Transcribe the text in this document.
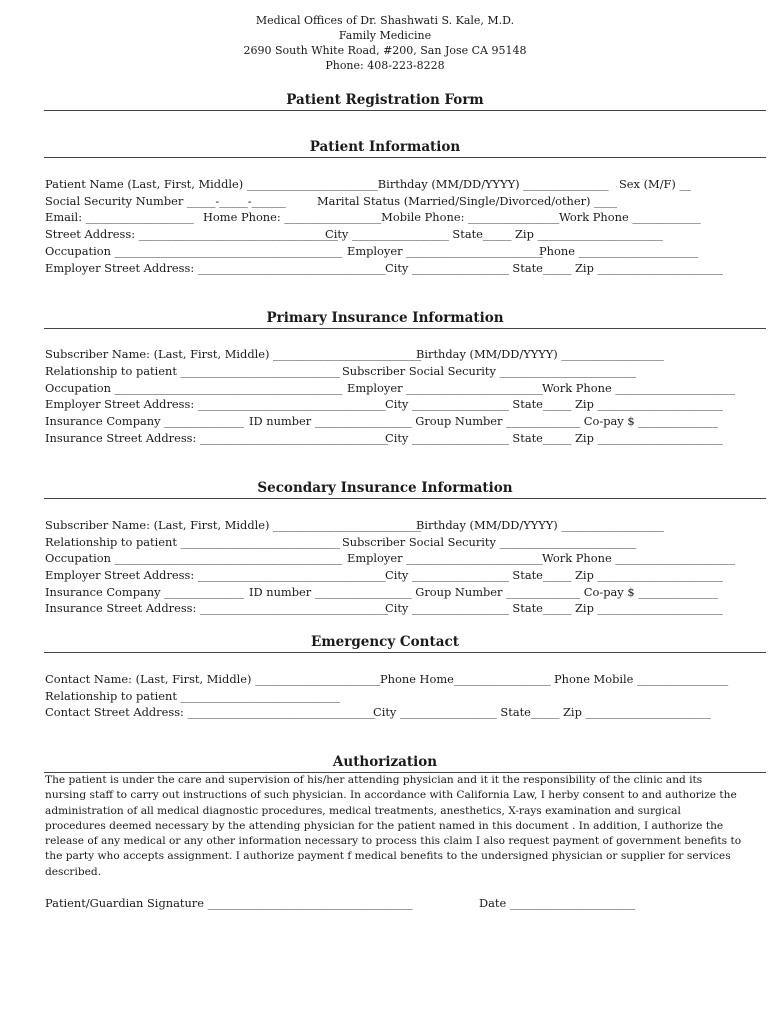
Medical Offices of Dr. Shashwati S. Kale, M.D.
Family Medicine
2690 South White Road, #200, San Jose CA 95148
Phone: 408-223-8228
Patient Registration Form
Patient Information

Patient Name (Last, First, Middle) _______________________Birthday (MM/DD/YYYY) _______________

Sex (M/F) __

Social Security Number _____-_____-______

	Marital Status (Married/Single/Divorced/other) ____

Email: ___________________

Home Phone: _________________Mobile Phone: ________________

Work Phone ____________

Street Address: ___________________________________

City _________________ State_____ Zip ______________________

Occupation ________________________________________

Employer ________________________

Phone _____________________

Employer Street Address: _________________________________

City _________________ State_____ Zip ______________________

Primary Insurance Information

Subscriber Name: (Last, First, Middle) __________________________

Birthday (MM/DD/YYYY) __________________

Relationship to patient ____________________________

Subscriber Social Security ________________________

Occupation ________________________________________

Employer ________________________

Work Phone _____________________

Employer Street Address: _________________________________

City _________________ State_____ Zip ______________________

Insurance Company ______________

ID number _________________ Group Number _____________ Co-pay $ ______________

Insurance Street Address: _________________________________

City _________________ State_____ Zip ______________________

Secondary Insurance Information

Subscriber Name: (Last, First, Middle) __________________________

Birthday (MM/DD/YYYY) __________________

Relationship to patient ____________________________

Subscriber Social Security ________________________

Occupation ________________________________________

Employer ________________________

Work Phone _____________________

Employer Street Address: _________________________________

City _________________ State_____ Zip ______________________

Insurance Company ______________

ID number _________________ Group Number _____________ Co-pay $ ______________

Insurance Street Address: _________________________________

City _________________ State_____ Zip ______________________

Emergency Contact

Contact Name: (Last, First, Middle) ______________________

Phone Home_________________

Phone Mobile ________________

Relationship to patient ____________________________

Contact Street Address: _________________________________

City _________________ State_____ Zip ______________________

Authorization
The patient is under the care and supervision of his/her attending physician and it it the responsibility of the clinic and its nursing staff to carry out instructions of such physician. In accordance with California Law, I herby consent to and authorize the administration of all medical diagnostic procedures, medical treatments, anesthetics, X-rays examination and surgical procedures deemed necessary by the attending physician for the patient named in this document . In addition, I authorize the release of any medical or any other information necessary to process this claim I also request payment of government benefits to the party who accepts assignment. I authorize payment f medical benefits to the undersigned physician or supplier for services described.

Patient/Guardian Signature ____________________________________

	Date ______________________
